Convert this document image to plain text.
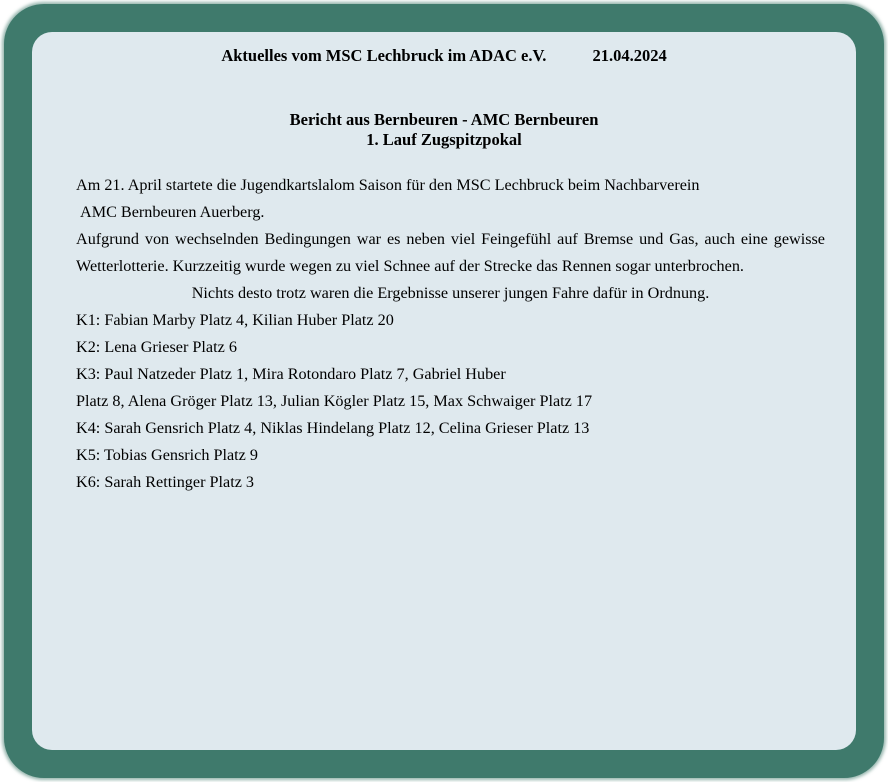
Aktuelles vom MSC Lechbruck im ADAC e.V.	21.04.2024
Bericht aus Bernbeuren - AMC Bernbeuren
1. Lauf Zugspitzpokal

Am 21. April startete die Jugendkartslalom Saison für den MSC Lechbruck beim Nachbarverein

AMC Bernbeuren Auerberg.

Aufgrund von wechselnden Bedingungen war es neben viel Feingefühl auf Bremse und Gas, auch eine gewisse Wetterlotterie. Kurzzeitig wurde wegen zu viel Schnee auf der Strecke das Rennen sogar unterbrochen.

Nichts desto trotz waren die Ergebnisse unserer jungen Fahre dafür in Ordnung.

K1: Fabian Marby Platz 4, Kilian Huber Platz 20

K2: Lena Grieser Platz 6

K3: Paul Natzeder Platz 1, Mira Rotondaro Platz 7, Gabriel Huber

Platz 8, Alena Gröger Platz 13, Julian Kögler Platz 15, Max Schwaiger Platz 17

K4: Sarah Gensrich Platz 4, Niklas Hindelang Platz 12, Celina Grieser Platz 13

K5: Tobias Gensrich Platz 9

K6: Sarah Rettinger Platz 3
